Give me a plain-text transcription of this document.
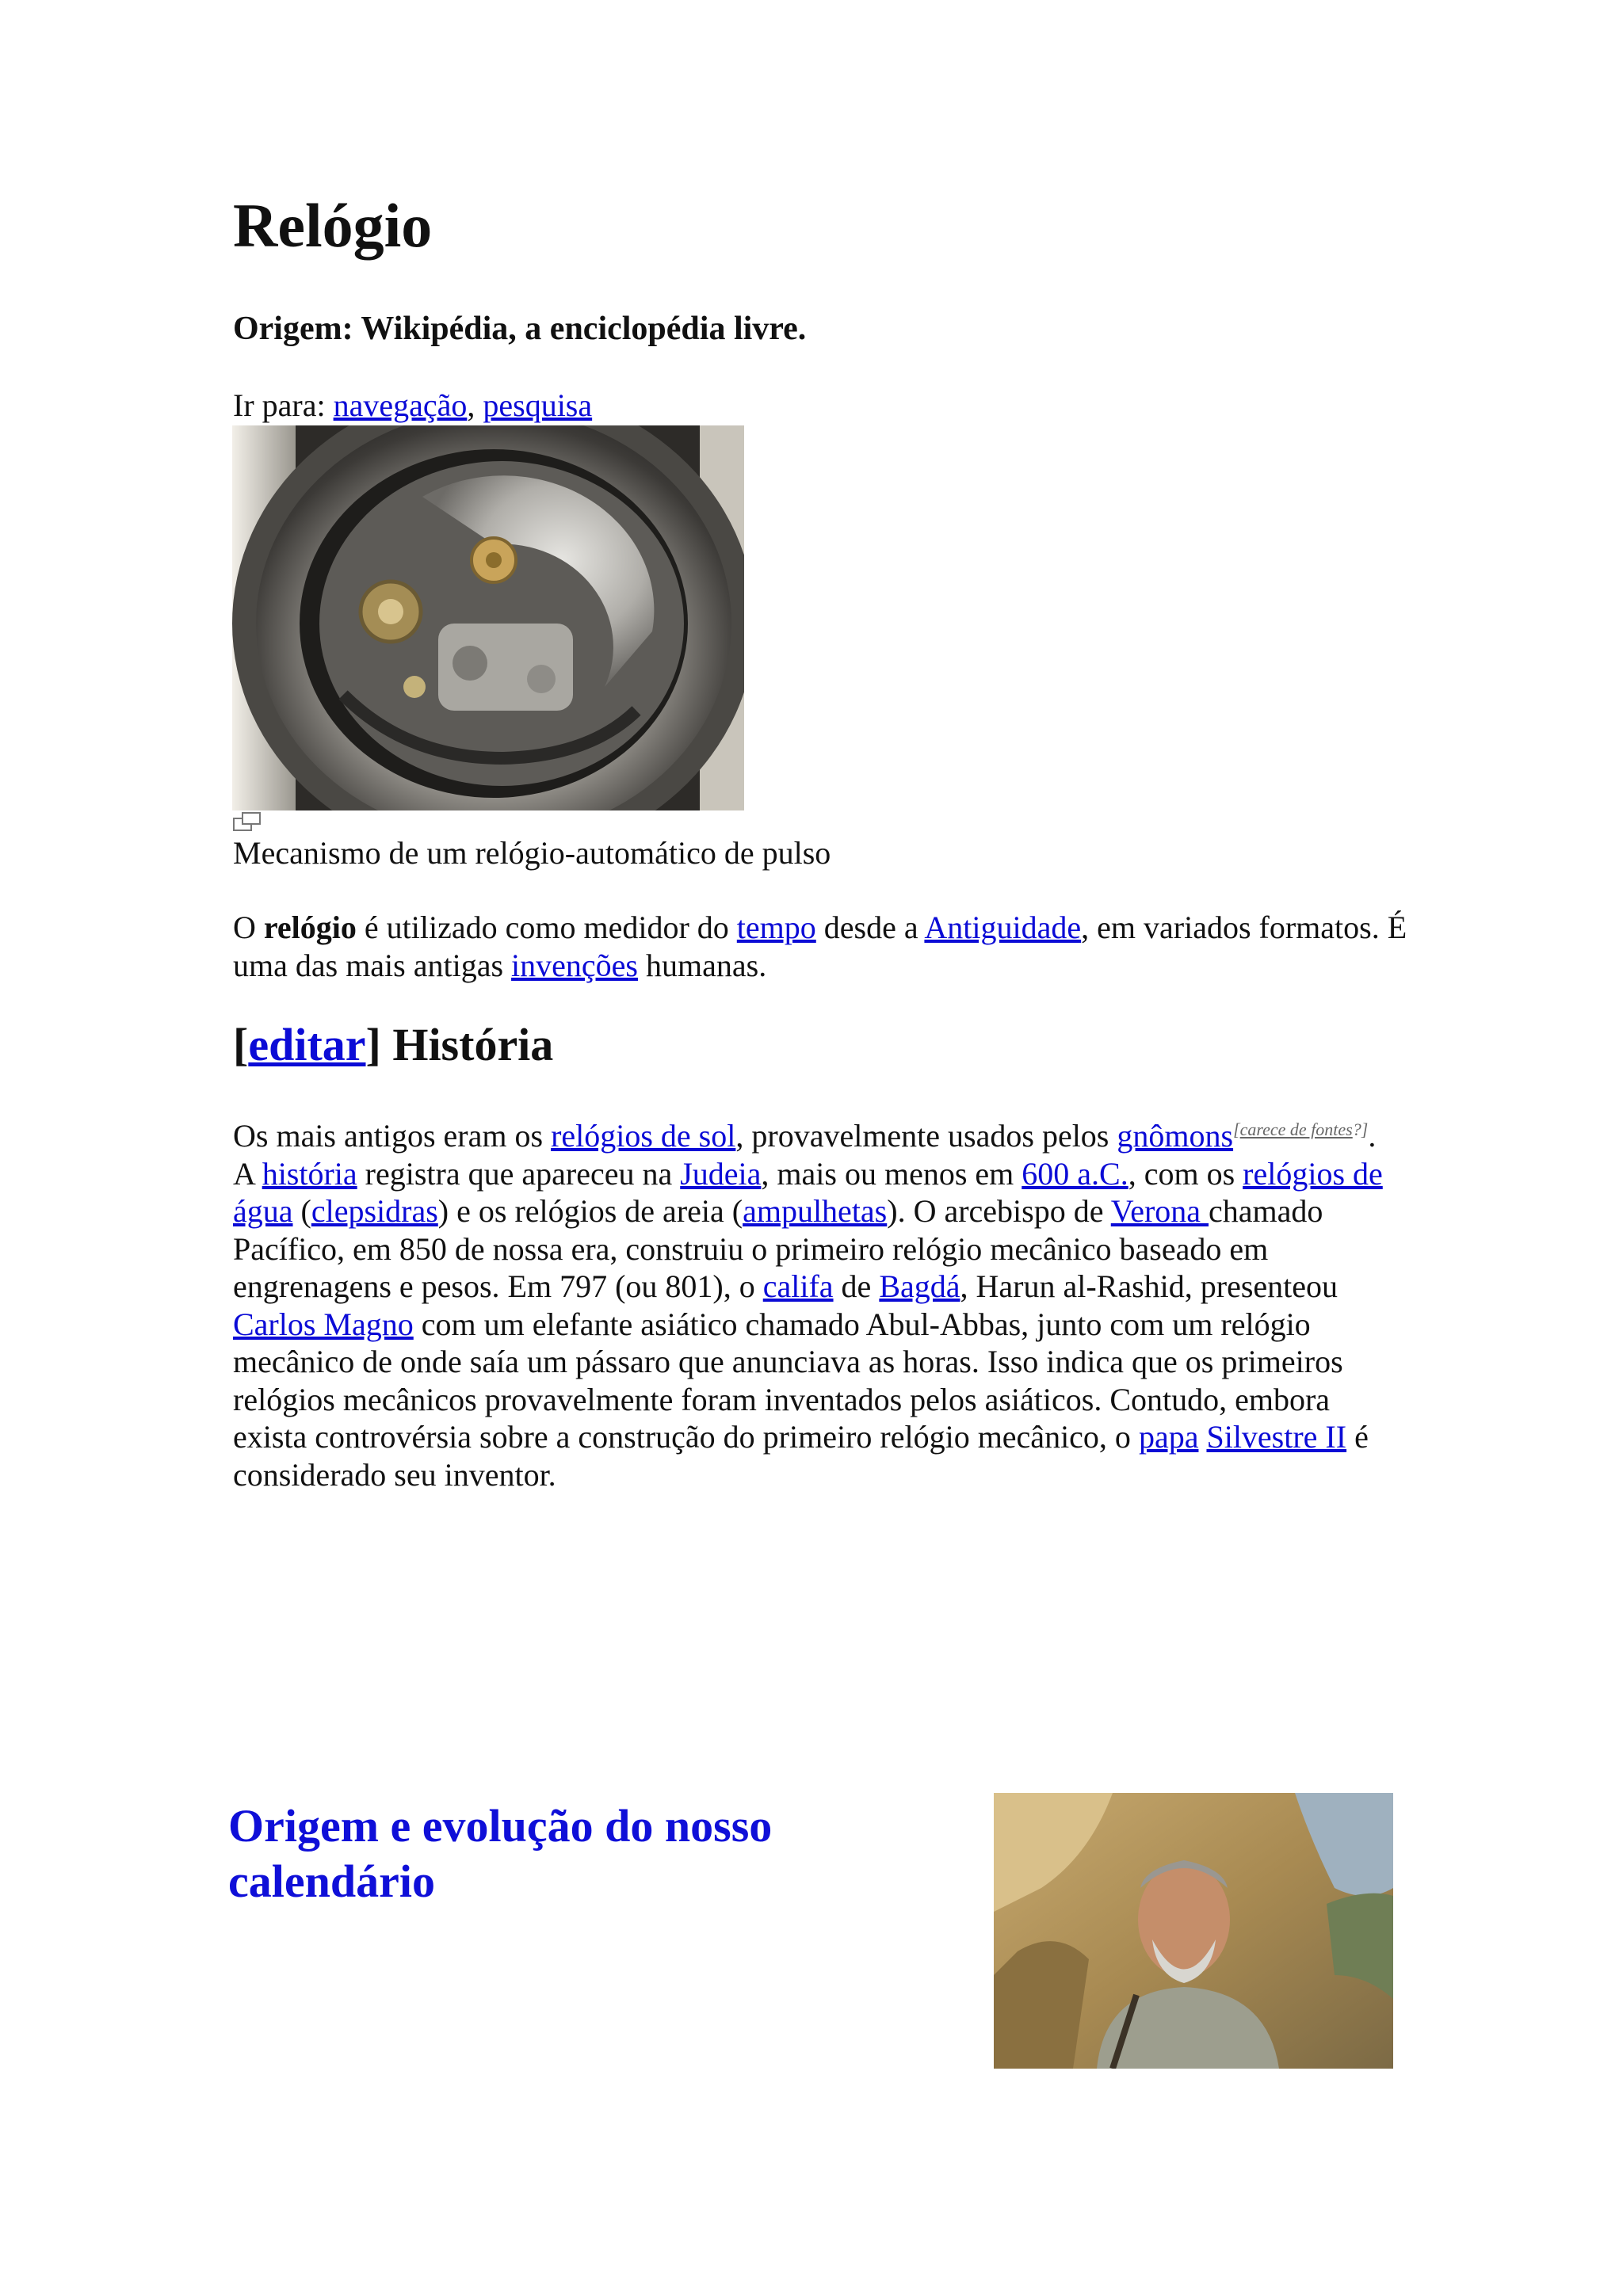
Relógio
Origem: Wikipédia, a enciclopédia livre.
Ir para: navegação, pesquisa
Mecanismo de um relógio-automático de pulso

O relógio é utilizado como medidor do tempo desde a Antiguidade, em variados formatos. É uma das mais antigas invenções humanas.

[editar] História

Os mais antigos eram os relógios de sol, provavelmente usados pelos gnômons[carece de fontes?]. A história registra que apareceu na Judeia, mais ou menos em 600 a.C., com os relógios de água (clepsidras) e os relógios de areia (ampulhetas). O arcebispo de Verona chamado Pacífico, em 850 de nossa era, construiu o primeiro relógio mecânico baseado em engrenagens e pesos. Em 797 (ou 801), o califa de Bagdá, Harun al-Rashid, presenteou Carlos Magno com um elefante asiático chamado Abul-Abbas, junto com um relógio mecânico de onde saía um pássaro que anunciava as horas. Isso indica que os primeiros relógios mecânicos provavelmente foram inventados pelos asiáticos. Contudo, embora exista controvérsia sobre a construção do primeiro relógio mecânico, o papa Silvestre II é considerado seu inventor.

Origem e evolução do nosso calendário
